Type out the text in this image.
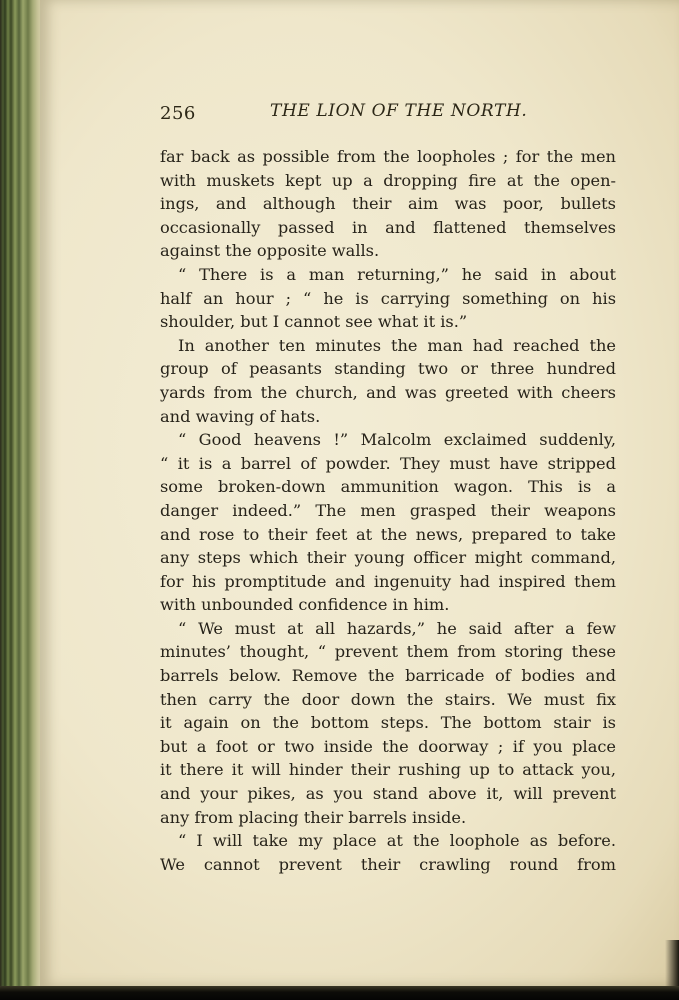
256	THE LION OF THE NORTH.
far back as possible from the loopholes ; for the men
with muskets kept up a dropping fire at the open-
ings, and although their aim was poor, bullets
occasionally passed in and flattened themselves
against the opposite walls.
“ There is a man returning,” he said in about
half an hour ; “ he is carrying something on his
shoulder, but I cannot see what it is.”
In another ten minutes the man had reached the
group of peasants standing two or three hundred
yards from the church, and was greeted with cheers
and waving of hats.
“ Good heavens !” Malcolm exclaimed suddenly,
“ it is a barrel of powder. They must have stripped
some broken-down ammunition wagon. This is a
danger indeed.” The men grasped their weapons
and rose to their feet at the news, prepared to take
any steps which their young officer might command,
for his promptitude and ingenuity had inspired them
with unbounded confidence in him.
“ We must at all hazards,” he said after a few
minutes’ thought, “ prevent them from storing these
barrels below. Remove the barricade of bodies and
then carry the door down the stairs. We must fix
it again on the bottom steps. The bottom stair is
but a foot or two inside the doorway ; if you place
it there it will hinder their rushing up to attack you,
and your pikes, as you stand above it, will prevent
any from placing their barrels inside.
“ I will take my place at the loophole as before.
We cannot prevent their crawling round from
